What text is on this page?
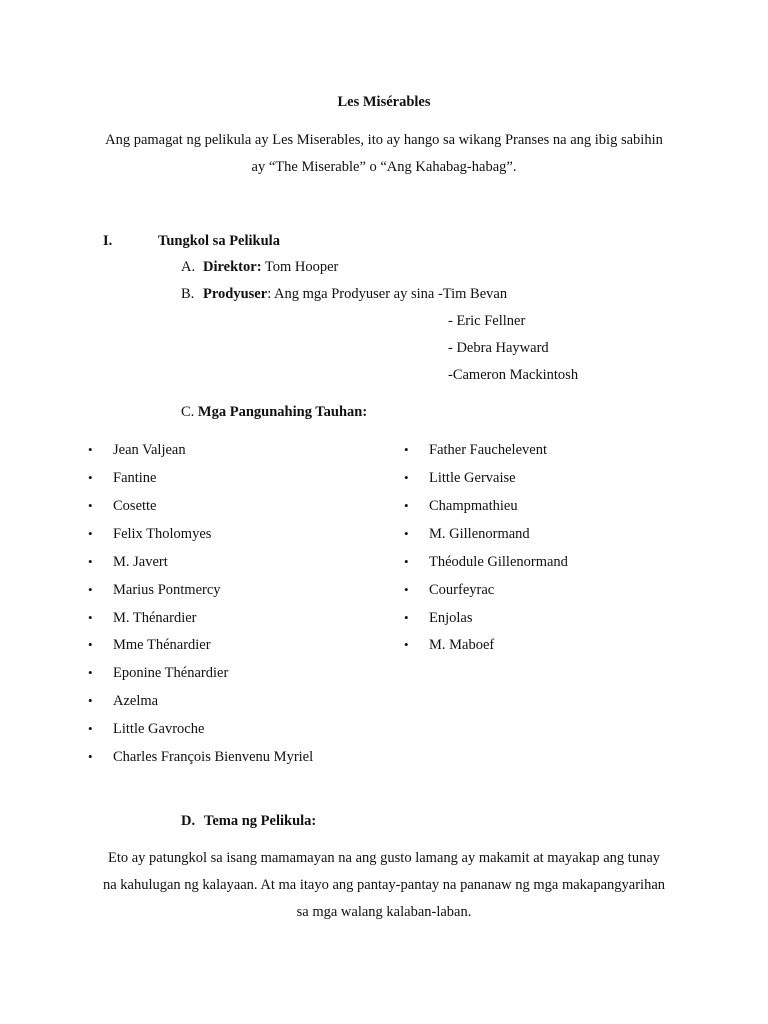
Les Misérables
Ang pamagat ng pelikula ay Les Miserables, ito ay hango sa wikang Pranses na ang ibig sabihin
ay “The Miserable” o “Ang Kahabag-habag”.
I.	Tungkol sa Pelikula
A. Direktor: Tom Hooper
B. Prodyuser: Ang mga Prodyuser ay sina -Tim Bevan
- Eric Fellner
- Debra Hayward
-Cameron Mackintosh
C. Mga Pangunahing Tauhan:
• Jean Valjean
• Fantine
• Cosette
• Felix Tholomyes
• M. Javert
• Marius Pontmercy
• M. Thénardier
• Mme Thénardier
• Eponine Thénardier
• Azelma
• Little Gavroche
• Charles François Bienvenu Myriel
• Father Fauchelevent
• Little Gervaise
• Champmathieu
• M. Gillenormand
• Théodule Gillenormand
• Courfeyrac
• Enjolas
• M. Maboef
D. Tema ng Pelikula:
Eto ay patungkol sa isang mamamayan na ang gusto lamang ay makamit at mayakap ang tunay
na kahulugan ng kalayaan. At ma itayo ang pantay-pantay na pananaw ng mga makapangyarihan
sa mga walang kalaban-laban.
